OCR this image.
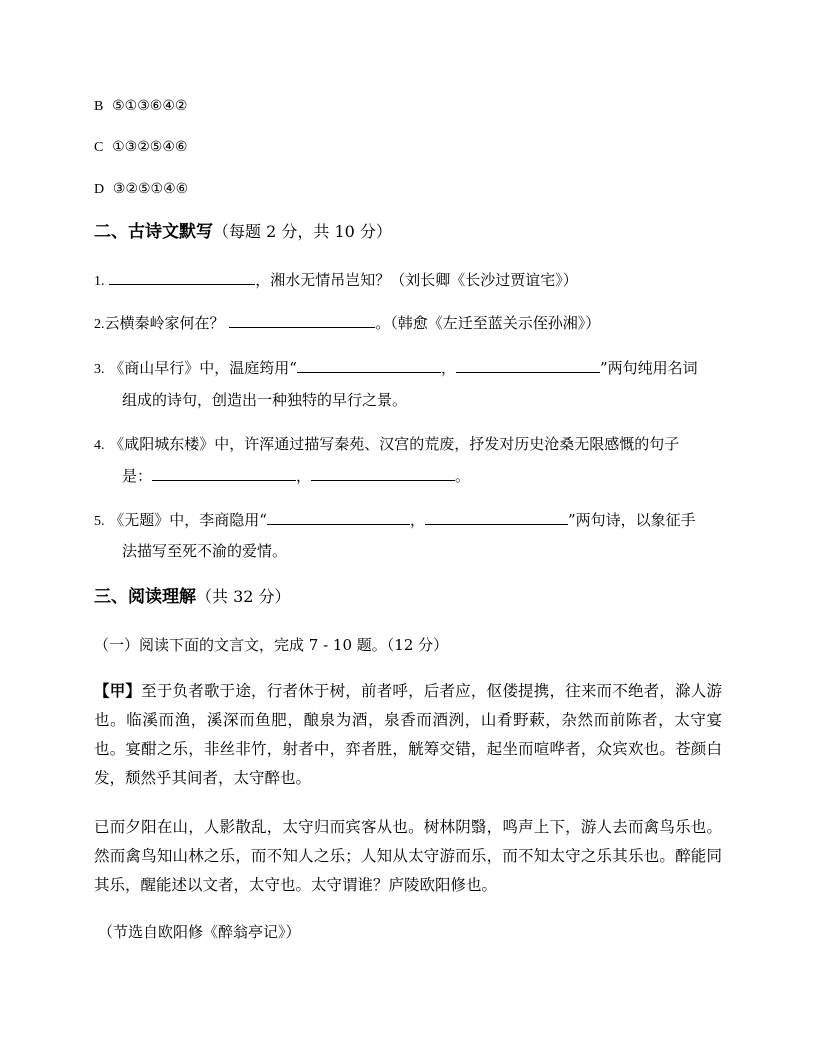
B ⑤①③⑥④②
C ①③②⑤④⑥
D ③②⑤①④⑥
二、古诗文默写（每题 2 分，共 10 分）
1.	，湘水无情吊岂知？（刘长卿《长沙过贾谊宅》）
2.云横秦岭家何在？	。（韩愈《左迁至蓝关示侄孙湘》）
3. 《商山早行》中，温庭筠用“	，	”两句纯用名词
组成的诗句，创造出一种独特的早行之景。
4. 《咸阳城东楼》中，许浑通过描写秦苑、汉宫的荒废，抒发对历史沧桑无限感慨的句子
是：	，	。
5. 《无题》中，李商隐用“	，	”两句诗，以象征手
法描写至死不渝的爱情。
三、阅读理解（共 32 分）
（一）阅读下面的文言文，完成 7 - 10 题。（12 分）
【甲】至于负者歌于途，行者休于树，前者呼，后者应，伛偻提携，往来而不绝者，滁人游也。临溪而渔，溪深而鱼肥，酿泉为酒，泉香而酒洌，山肴野蔌，杂然而前陈者，太守宴也。宴酣之乐，非丝非竹，射者中，弈者胜，觥筹交错，起坐而喧哗者，众宾欢也。苍颜白发，颓然乎其间者，太守醉也。
已而夕阳在山，人影散乱，太守归而宾客从也。树林阴翳，鸣声上下，游人去而禽鸟乐也。然而禽鸟知山林之乐，而不知人之乐；人知从太守游而乐，而不知太守之乐其乐也。醉能同其乐，醒能述以文者，太守也。太守谓谁？庐陵欧阳修也。
（节选自欧阳修《醉翁亭记》）
